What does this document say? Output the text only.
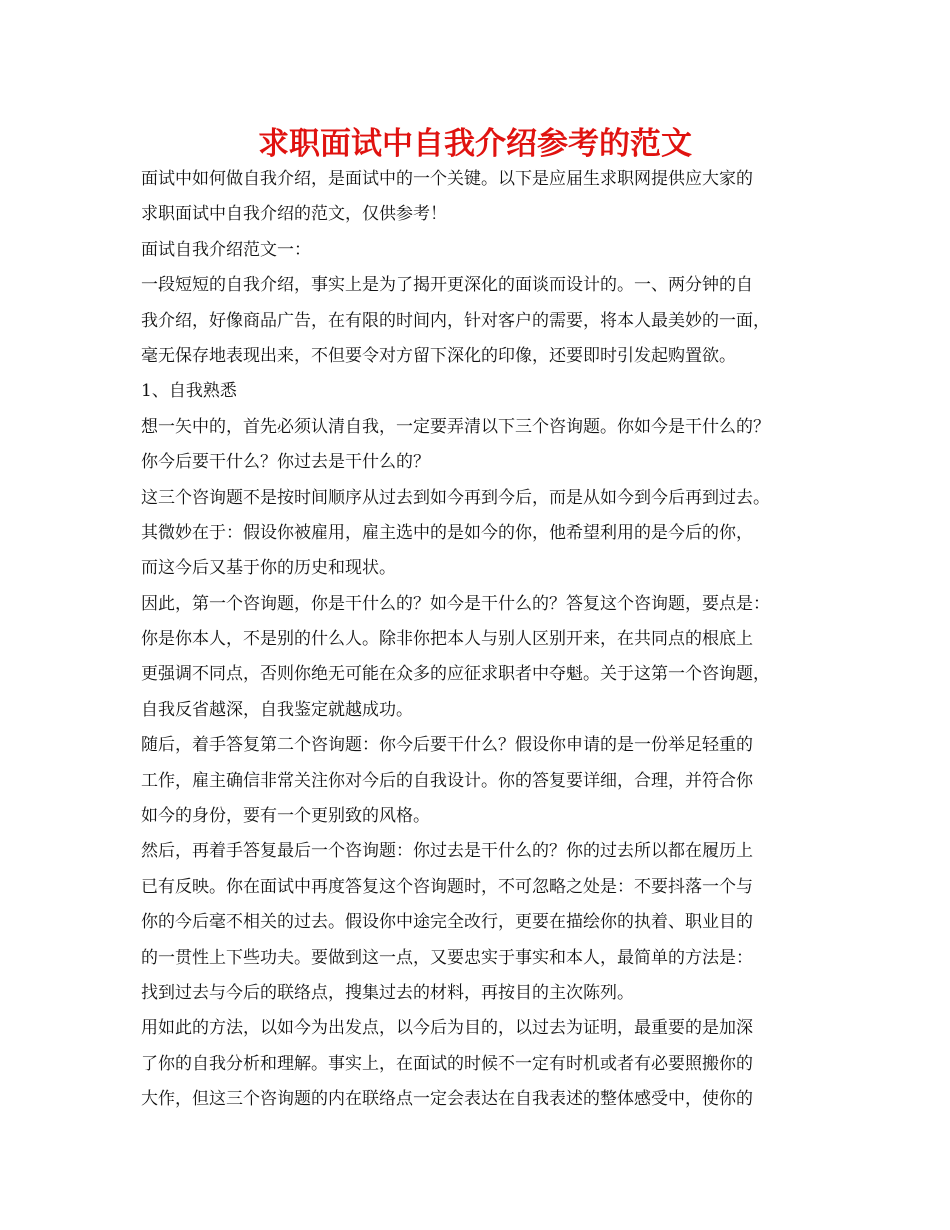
求职面试中自我介绍参考的范文
面试中如何做自我介绍，是面试中的一个关键。以下是应届生求职网提供应大家的
求职面试中自我介绍的范文，仅供参考！
面试自我介绍范文一：
一段短短的自我介绍，事实上是为了揭开更深化的面谈而设计的。一、两分钟的自
我介绍，好像商品广告，在有限的时间内，针对客户的需要，将本人最美妙的一面，
毫无保存地表现出来，不但要令对方留下深化的印像，还要即时引发起购置欲。
1、自我熟悉
想一矢中的，首先必须认清自我，一定要弄清以下三个咨询题。你如今是干什么的？
你今后要干什么？你过去是干什么的？
这三个咨询题不是按时间顺序从过去到如今再到今后，而是从如今到今后再到过去。
其微妙在于：假设你被雇用，雇主选中的是如今的你，他希望利用的是今后的你，
而这今后又基于你的历史和现状。
因此，第一个咨询题，你是干什么的？如今是干什么的？答复这个咨询题，要点是：
你是你本人，不是别的什么人。除非你把本人与别人区别开来，在共同点的根底上
更强调不同点，否则你绝无可能在众多的应征求职者中夺魁。关于这第一个咨询题，
自我反省越深，自我鉴定就越成功。
随后，着手答复第二个咨询题：你今后要干什么？假设你申请的是一份举足轻重的
工作，雇主确信非常关注你对今后的自我设计。你的答复要详细，合理，并符合你
如今的身份，要有一个更别致的风格。
然后，再着手答复最后一个咨询题：你过去是干什么的？你的过去所以都在履历上
已有反映。你在面试中再度答复这个咨询题时，不可忽略之处是：不要抖落一个与
你的今后毫不相关的过去。假设你中途完全改行，更要在描绘你的执着、职业目的
的一贯性上下些功夫。要做到这一点，又要忠实于事实和本人，最简单的方法是：
找到过去与今后的联络点，搜集过去的材料，再按目的主次陈列。
用如此的方法，以如今为出发点，以今后为目的，以过去为证明，最重要的是加深
了你的自我分析和理解。事实上，在面试的时候不一定有时机或者有必要照搬你的
大作，但这三个咨询题的内在联络点一定会表达在自我表述的整体感受中，使你的
